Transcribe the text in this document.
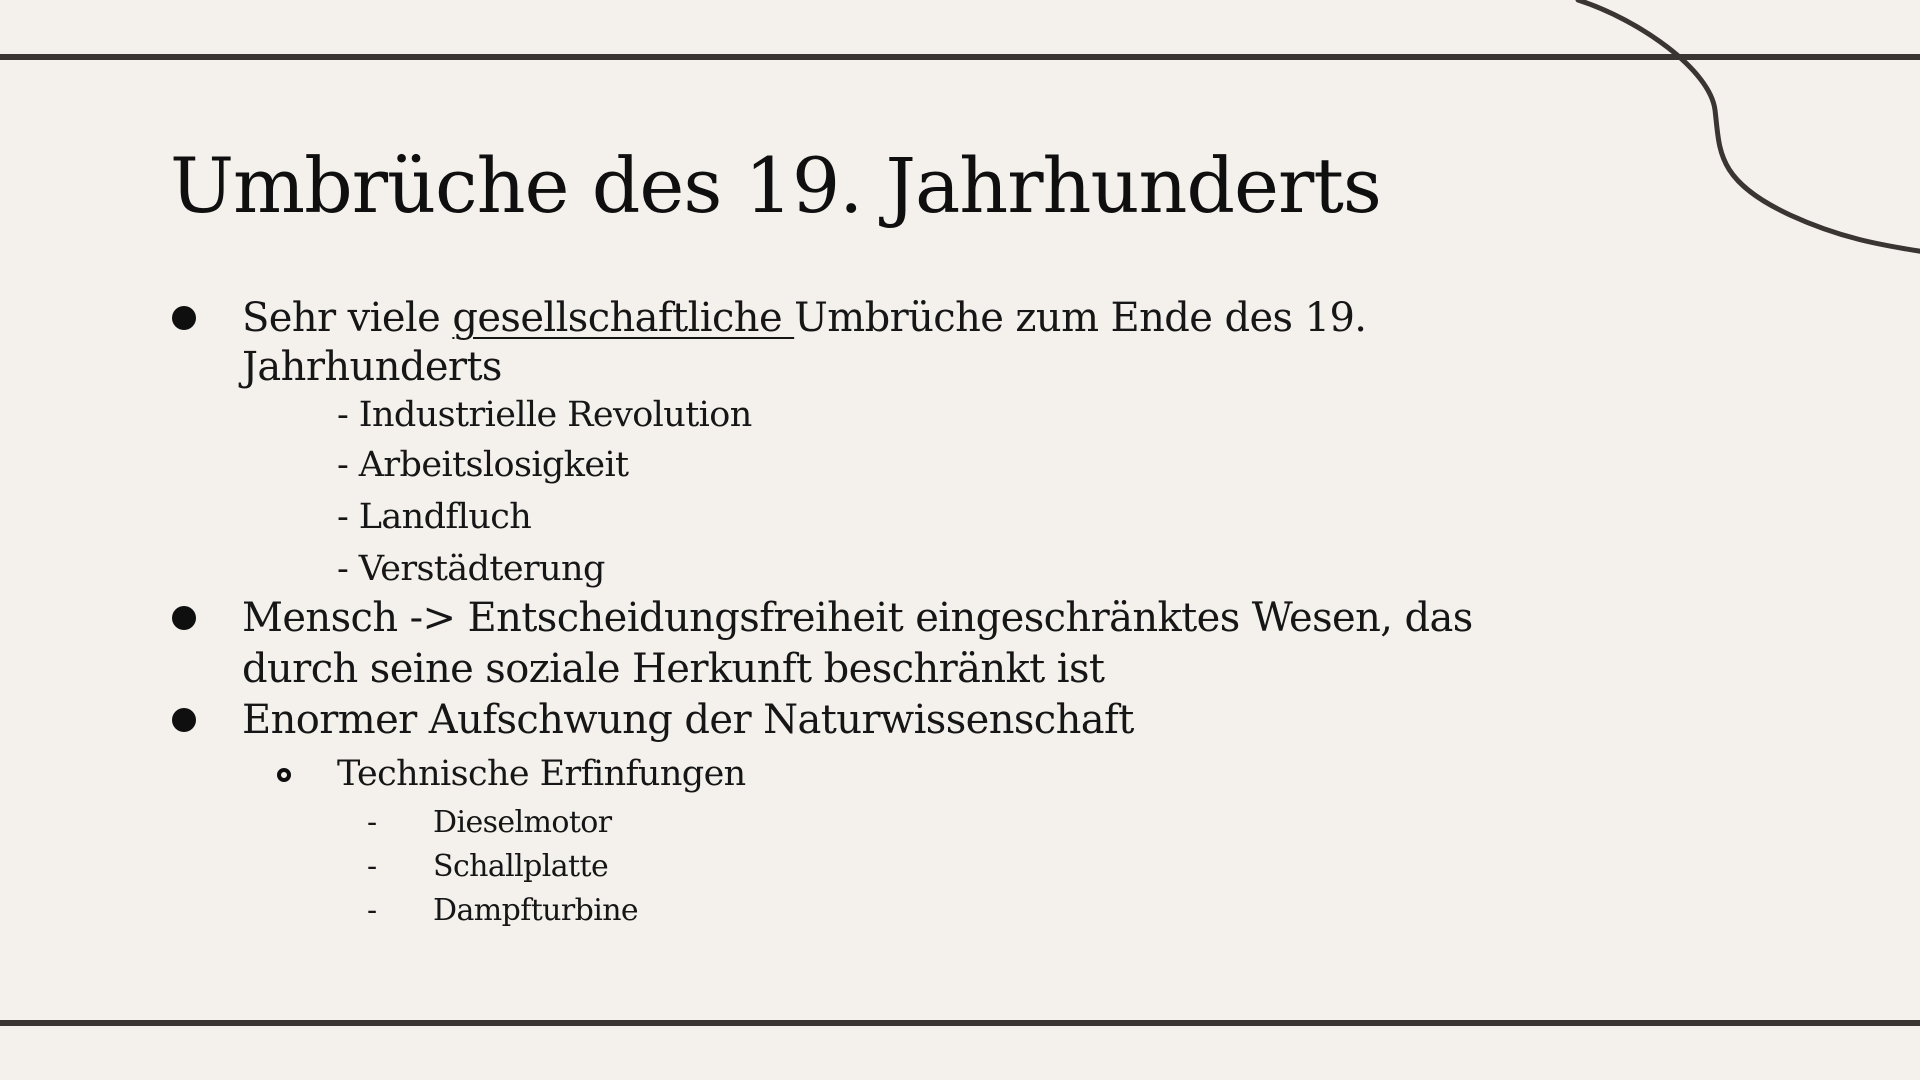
Umbrüche des 19. Jahrhunderts

Sehr viele gesellschaftliche Umbrüche zum Ende des 19.

Jahrhunderts

- Industrielle Revolution

- Arbeitslosigkeit

- Landfluch

- Verstädterung

Mensch -> Entscheidungsfreiheit eingeschränktes Wesen, das

durch seine soziale Herkunft beschränkt ist

Enormer Aufschwung der Naturwissenschaft

Technische Erfinfungen

- Dieselmotor

- Schallplatte

- Dampfturbine
